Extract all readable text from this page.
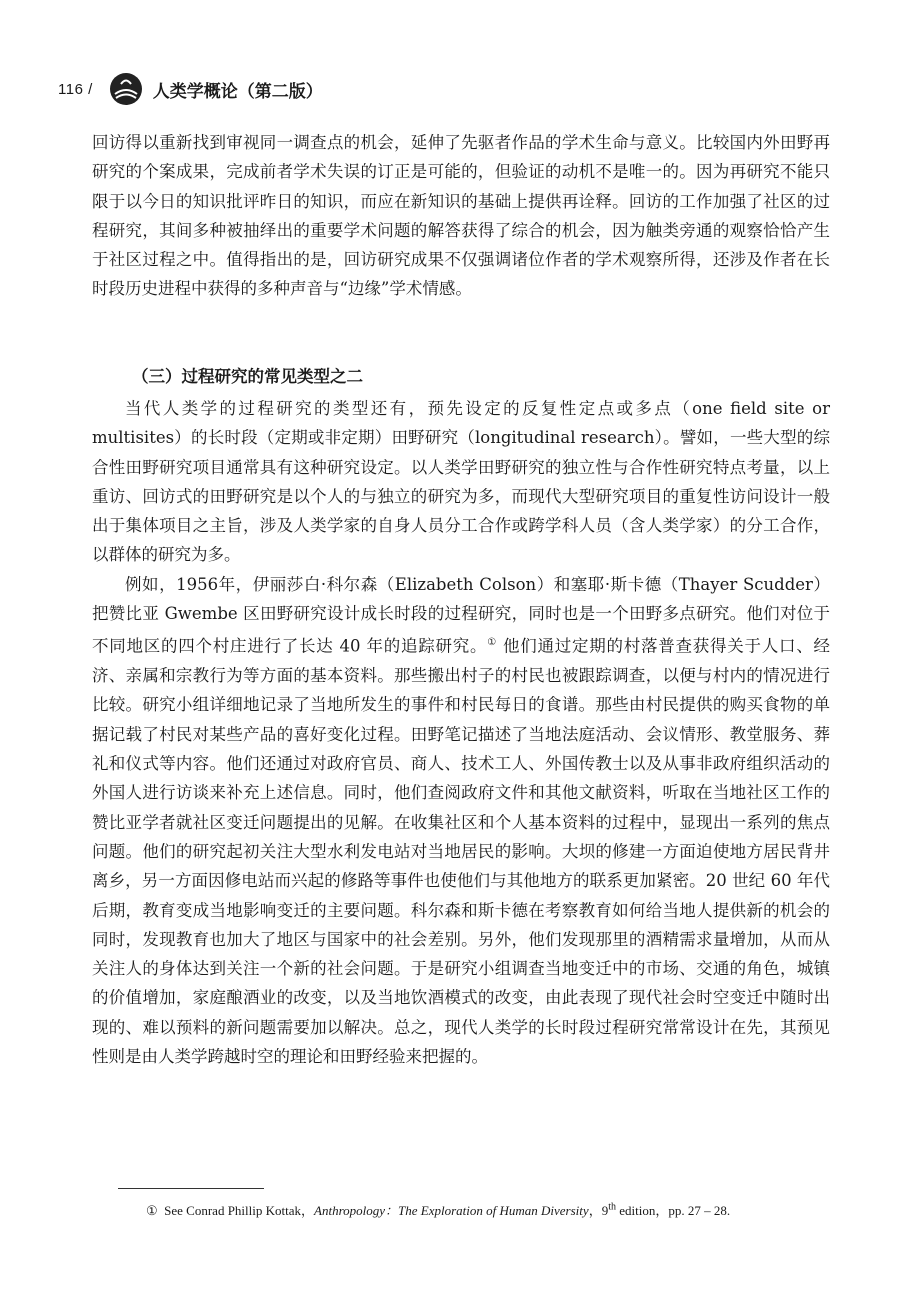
116 /	人类学概论（第二版）

回访得以重新找到审视同一调查点的机会，延伸了先驱者作品的学术生命与意义。比较国内外田野再研究的个案成果，完成前者学术失误的订正是可能的，但验证的动机不是唯一的。因为再研究不能只限于以今日的知识批评昨日的知识，而应在新知识的基础上提供再诠释。回访的工作加强了社区的过程研究，其间多种被抽绎出的重要学术问题的解答获得了综合的机会，因为触类旁通的观察恰恰产生于社区过程之中。值得指出的是，回访研究成果不仅强调诸位作者的学术观察所得，还涉及作者在长时段历史进程中获得的多种声音与“边缘”学术情感。

（三）过程研究的常见类型之二

当代人类学的过程研究的类型还有，预先设定的反复性定点或多点（one field site or multisites）的长时段（定期或非定期）田野研究（longitudinal research）。譬如，一些大型的综合性田野研究项目通常具有这种研究设定。以人类学田野研究的独立性与合作性研究特点考量，以上重访、回访式的田野研究是以个人的与独立的研究为多，而现代大型研究项目的重复性访问设计一般出于集体项目之主旨，涉及人类学家的自身人员分工合作或跨学科人员（含人类学家）的分工合作，以群体的研究为多。

例如，1956年，伊丽莎白·科尔森（Elizabeth Colson）和塞耶·斯卡德（Thayer Scudder）把赞比亚 Gwembe 区田野研究设计成长时段的过程研究，同时也是一个田野多点研究。他们对位于不同地区的四个村庄进行了长达 40 年的追踪研究。① 他们通过定期的村落普查获得关于人口、经济、亲属和宗教行为等方面的基本资料。那些搬出村子的村民也被跟踪调查，以便与村内的情况进行比较。研究小组详细地记录了当地所发生的事件和村民每日的食谱。那些由村民提供的购买食物的单据记载了村民对某些产品的喜好变化过程。田野笔记描述了当地法庭活动、会议情形、教堂服务、葬礼和仪式等内容。他们还通过对政府官员、商人、技术工人、外国传教士以及从事非政府组织活动的外国人进行访谈来补充上述信息。同时，他们查阅政府文件和其他文献资料，听取在当地社区工作的赞比亚学者就社区变迁问题提出的见解。在收集社区和个人基本资料的过程中，显现出一系列的焦点问题。他们的研究起初关注大型水利发电站对当地居民的影响。大坝的修建一方面迫使地方居民背井离乡，另一方面因修电站而兴起的修路等事件也使他们与其他地方的联系更加紧密。20 世纪 60 年代后期，教育变成当地影响变迁的主要问题。科尔森和斯卡德在考察教育如何给当地人提供新的机会的同时，发现教育也加大了地区与国家中的社会差别。另外，他们发现那里的酒精需求量增加，从而从关注人的身体达到关注一个新的社会问题。于是研究小组调查当地变迁中的市场、交通的角色，城镇的价值增加，家庭酿酒业的改变，以及当地饮酒模式的改变，由此表现了现代社会时空变迁中随时出现的、难以预料的新问题需要加以解决。总之，现代人类学的长时段过程研究常常设计在先，其预见性则是由人类学跨越时空的理论和田野经验来把握的。

① See Conrad Phillip Kottak，Anthropology：The Exploration of Human Diversity，9th edition，pp. 27 – 28.
